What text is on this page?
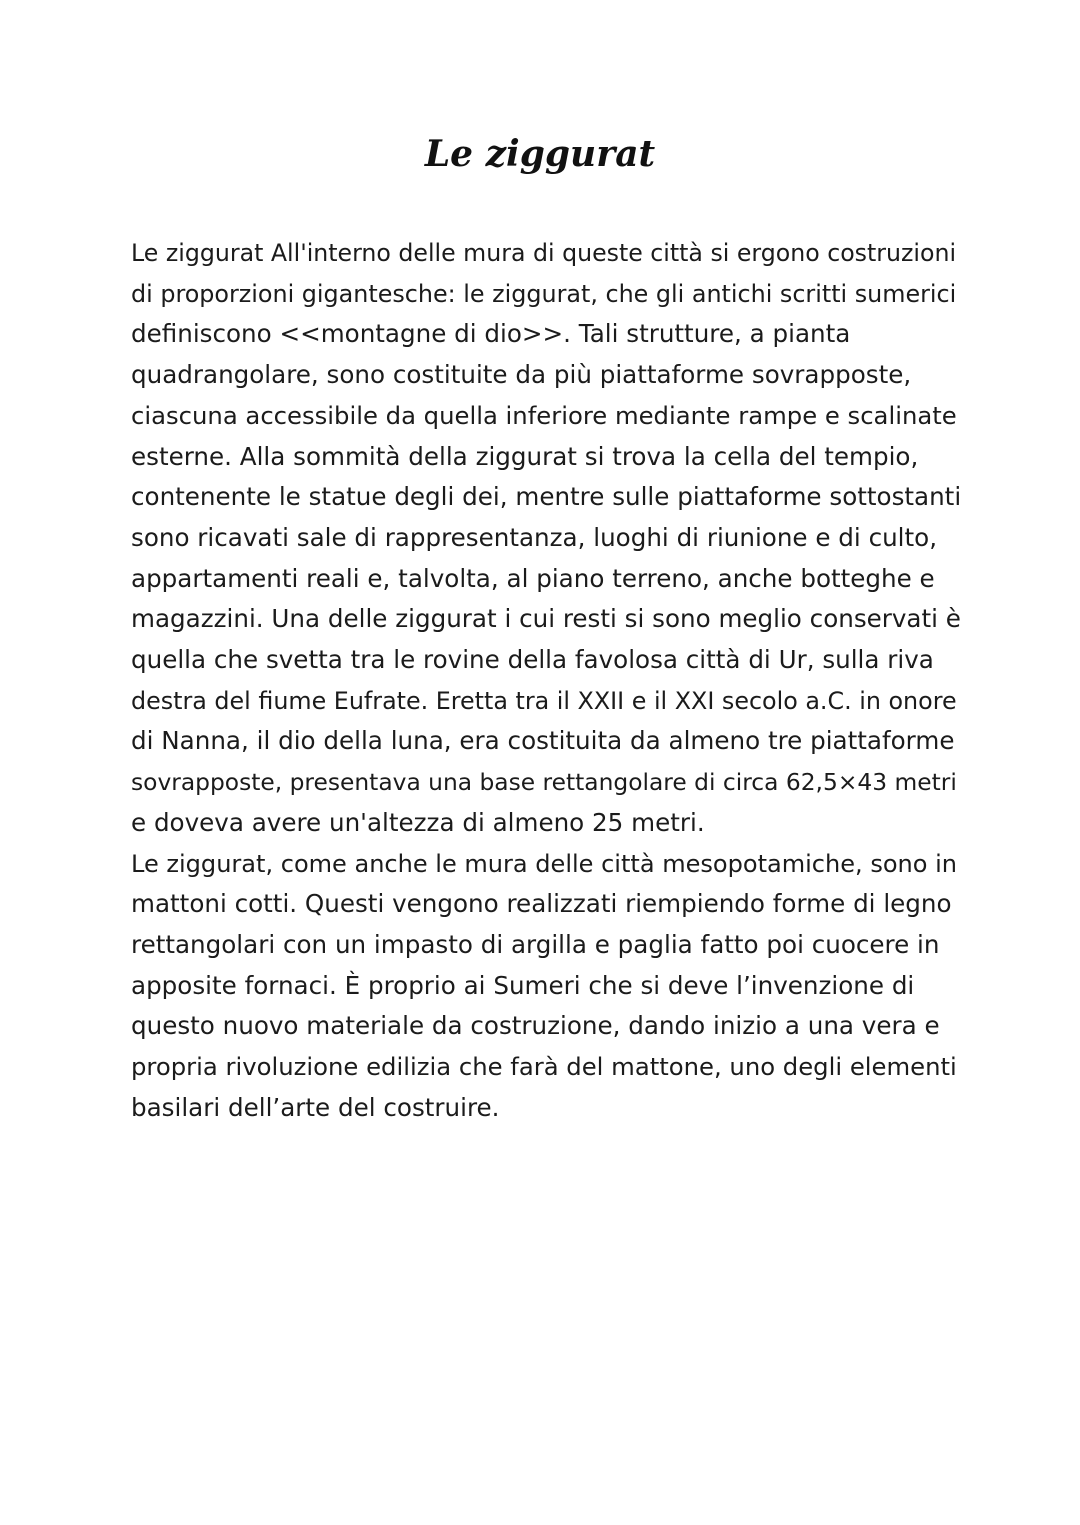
Le ziggurat
Le ziggurat All'interno delle mura di queste città si ergono costruzioni
di proporzioni gigantesche: le ziggurat, che gli antichi scritti sumerici
definiscono <<montagne di dio>>. Tali strutture, a pianta
quadrangolare, sono costituite da più piattaforme sovrapposte,
ciascuna accessibile da quella inferiore mediante rampe e scalinate
esterne. Alla sommità della ziggurat si trova la cella del tempio,
contenente le statue degli dei, mentre sulle piattaforme sottostanti
sono ricavati sale di rappresentanza, luoghi di riunione e di culto,
appartamenti reali e, talvolta, al piano terreno, anche botteghe e
magazzini. Una delle ziggurat i cui resti si sono meglio conservati è
quella che svetta tra le rovine della favolosa città di Ur, sulla riva
destra del fiume Eufrate. Eretta tra il XXII e il XXI secolo a.C. in onore
di Nanna, il dio della luna, era costituita da almeno tre piattaforme
sovrapposte, presentava una base rettangolare di circa 62,5×43 metri
e doveva avere un'altezza di almeno 25 metri.
Le ziggurat, come anche le mura delle città mesopotamiche, sono in
mattoni cotti. Questi vengono realizzati riempiendo forme di legno
rettangolari con un impasto di argilla e paglia fatto poi cuocere in
apposite fornaci. È proprio ai Sumeri che si deve l’invenzione di
questo nuovo materiale da costruzione, dando inizio a una vera e
propria rivoluzione edilizia che farà del mattone, uno degli elementi
basilari dell’arte del costruire.
